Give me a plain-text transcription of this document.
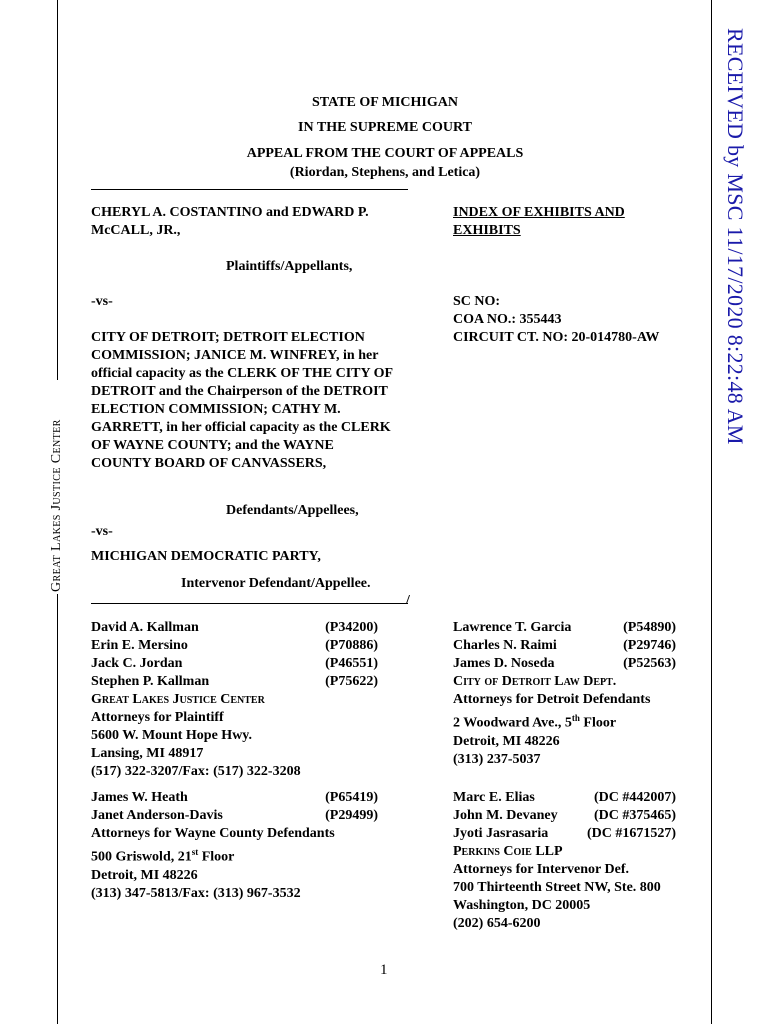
Great Lakes Justice Center
RECEIVED by MSC 11/17/2020 8:22:48 AM
STATE OF MICHIGAN
IN THE SUPREME COURT
APPEAL FROM THE COURT OF APPEALS
(Riordan, Stephens, and Letica)
CHERYL A. COSTANTINO and EDWARD P. McCALL, JR.,
Plaintiffs/Appellants,
-vs-
CITY OF DETROIT; DETROIT ELECTION COMMISSION; JANICE M. WINFREY, in her official capacity as the CLERK OF THE CITY OF DETROIT and the Chairperson of the DETROIT ELECTION COMMISSION; CATHY M. GARRETT, in her official capacity as the CLERK OF WAYNE COUNTY; and the WAYNE COUNTY BOARD OF CANVASSERS,
Defendants/Appellees,
-vs-
MICHIGAN DEMOCRATIC PARTY,
Intervenor Defendant/Appellee.
/
INDEX OF EXHIBITS AND EXHIBITS
SC NO:
COA NO.: 355443
CIRCUIT CT. NO: 20-014780-AW
David A. Kallman	(P34200)
Erin E. Mersino	(P70886)
Jack C. Jordan	(P46551)
Stephen P. Kallman	(P75622)
Great Lakes Justice Center
Attorneys for Plaintiff
5600 W. Mount Hope Hwy.
Lansing, MI 48917
(517) 322-3207/Fax: (517) 322-3208
Lawrence T. Garcia	(P54890)
Charles N. Raimi	(P29746)
James D. Noseda	(P52563)
City of Detroit Law Dept.
Attorneys for Detroit Defendants
2 Woodward Ave., 5th Floor
Detroit, MI 48226
(313) 237-5037
James W. Heath	(P65419)
Janet Anderson-Davis	(P29499)
Attorneys for Wayne County Defendants
500 Griswold, 21st Floor
Detroit, MI 48226
(313) 347-5813/Fax: (313) 967-3532
Marc E. Elias	(DC #442007)
John M. Devaney	(DC #375465)
Jyoti Jasrasaria	(DC #1671527)
Perkins Coie LLP
Attorneys for Intervenor Def.
700 Thirteenth Street NW, Ste. 800
Washington, DC 20005
(202) 654-6200
1
